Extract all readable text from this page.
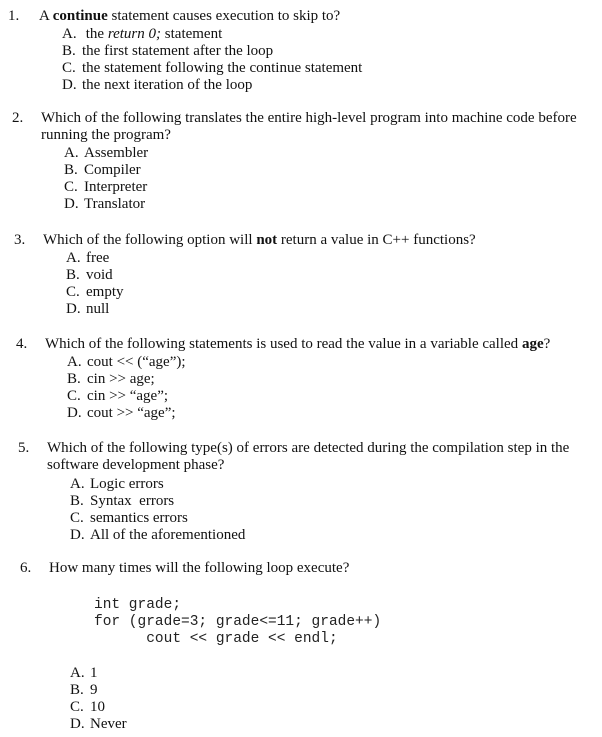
1. A continue statement causes execution to skip to?
A. the return 0; statement
B. the first statement after the loop
C. the statement following the continue statement
D. the next iteration of the loop
2. Which of the following translates the entire high-level program into machine code before
running the program?
A. Assembler
B. Compiler
C. Interpreter
D. Translator
3. Which of the following option will not return a value in C++ functions?
A. free
B. void
C. empty
D. null
4. Which of the following statements is used to read the value in a variable called age?
A. cout << (“age”);
B. cin >> age;
C. cin >> “age”;
D. cout >> “age”;
5. Which of the following type(s) of errors are detected during the compilation step in the
software development phase?
A. Logic errors
B. Syntax  errors
C. semantics errors
D. All of the aforementioned
6. How many times will the following loop execute?
int grade;
for (grade=3; grade<=11; grade++)
cout << grade << endl;
A. 1
B. 9
C. 10
D. Never
